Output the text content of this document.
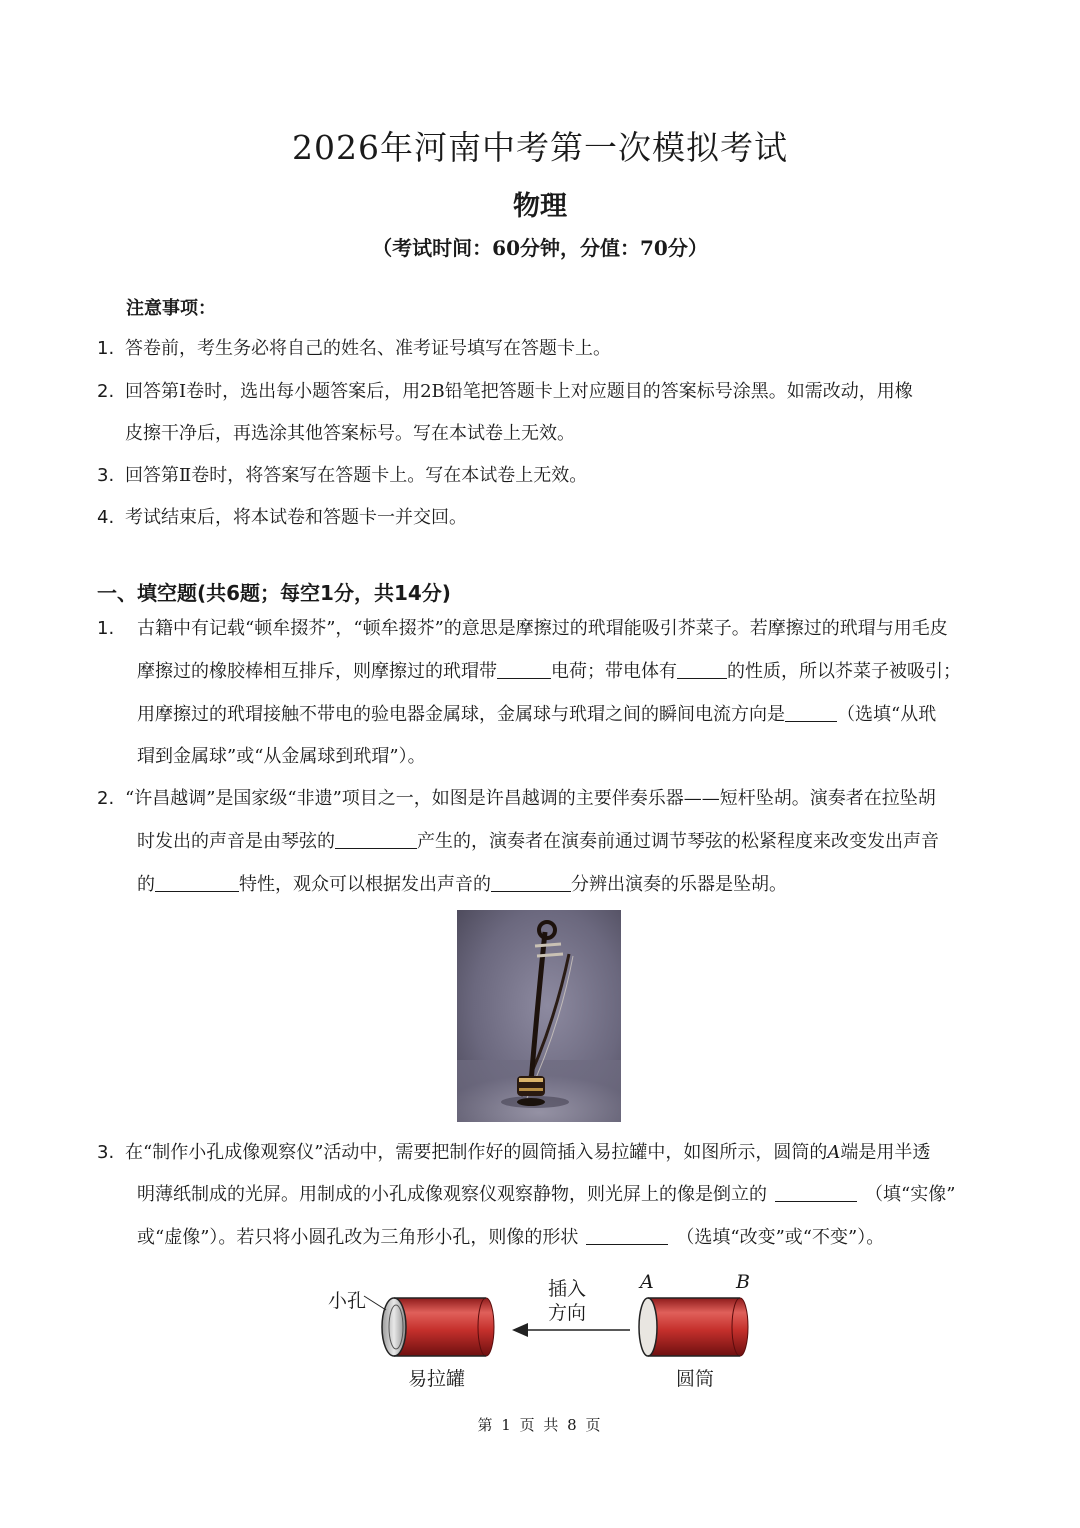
2026年河南中考第一次模拟考试
物理
（考试时间：60分钟，分值：70分）
注意事项：
1. 答卷前，考生务必将自己的姓名、准考证号填写在答题卡上。
2. 回答第Ⅰ卷时，选出每小题答案后，用2B铅笔把答题卡上对应题目的答案标号涂黑。如需改动，用橡
皮擦干净后，再选涂其他答案标号。写在本试卷上无效。
3. 回答第Ⅱ卷时，将答案写在答题卡上。写在本试卷上无效。
4. 考试结束后，将本试卷和答题卡一并交回。
一、填空题(共6题；每空1分，共14分)
1. 古籍中有记载“顿牟掇芥”，“顿牟掇芥”的意思是摩擦过的玳瑁能吸引芥菜子。若摩擦过的玳瑁与用毛皮
摩擦过的橡胶棒相互排斥，则摩擦过的玳瑁带	电荷；带电体有	的性质，所以芥菜子被吸引；
用摩擦过的玳瑁接触不带电的验电器金属球，金属球与玳瑁之间的瞬间电流方向是	（选填“从玳
瑁到金属球”或“从金属球到玳瑁”）。
2. “许昌越调”是国家级“非遗”项目之一，如图是许昌越调的主要伴奏乐器——短杆坠胡。演奏者在拉坠胡
时发出的声音是由琴弦的	产生的，演奏者在演奏前通过调节琴弦的松紧程度来改变发出声音
的	特性，观众可以根据发出声音的	分辨出演奏的乐器是坠胡。
3. 在“制作小孔成像观察仪”活动中，需要把制作好的圆筒插入易拉罐中，如图所示，圆筒的A端是用半透
明薄纸制成的光屏。用制成的小孔成像观察仪观察静物，则光屏上的像是倒立的	（填“实像”
或“虚像”）。若只将小圆孔改为三角形小孔，则像的形状	（选填“改变”或“不变”）。
小孔
易拉罐
插入
方向
A	B
圆筒
第 1 页 共 8 页
